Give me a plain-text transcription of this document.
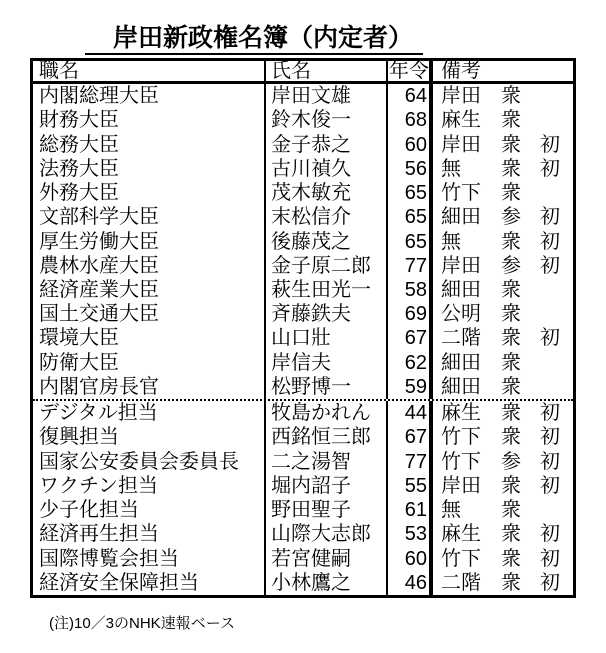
岸田新政権名簿（内定者）
職名	氏名	年令 備考
内閣総理大臣	岸田文雄	64 岸田	衆
財務大臣	鈴木俊一	68 麻生	衆
総務大臣	金子恭之	60 岸田	衆 初
法務大臣	古川禎久	56 無	衆 初
外務大臣	茂木敏充	65 竹下	衆
文部科学大臣	末松信介	65 細田	参 初
厚生労働大臣	後藤茂之	65 無	衆 初
農林水産大臣	金子原二郎	77 岸田	参 初
経済産業大臣	萩生田光一	58 細田	衆
国土交通大臣	斉藤鉄夫	69 公明	衆
環境大臣	山口壯	67 二階	衆 初
防衛大臣	岸信夫	62 細田	衆
内閣官房長官	松野博一	59 細田	衆
デジタル担当	牧島かれん	44 麻生	衆 初
復興担当	西銘恒三郎	67 竹下	衆 初
国家公安委員会委員長	二之湯智	77 竹下	参 初
ワクチン担当	堀内詔子	55 岸田	衆 初
少子化担当	野田聖子	61 無	衆
経済再生担当	山際大志郎	53 麻生	衆 初
国際博覧会担当	若宮健嗣	60 竹下	衆 初
経済安全保障担当	小林鷹之	46 二階	衆 初
(注)10／3のNHK速報ベース
